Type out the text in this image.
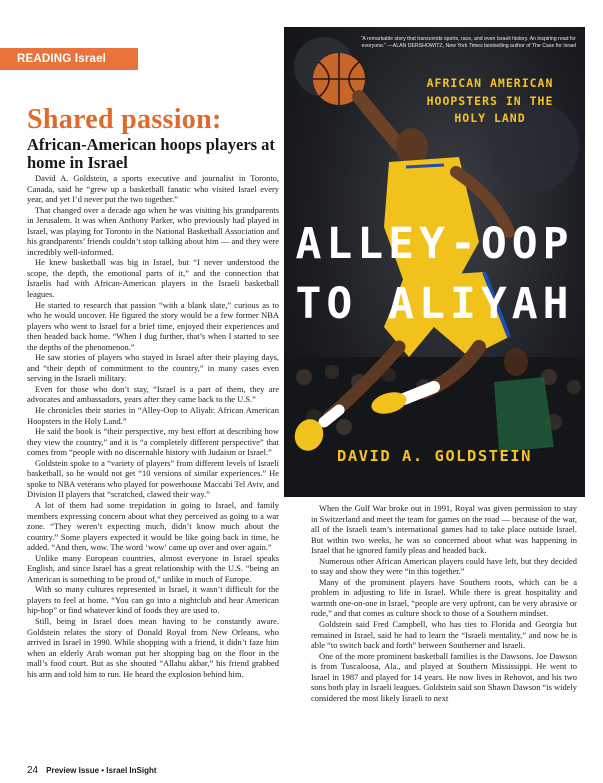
READING Israel
Shared passion:
African-American hoops players at home in Israel

David A. Goldstein, a sports executive and journalist in Toronto, Canada, said he “grew up a basketball fanatic who visited Israel every year, and yet I’d never put the two together.”

That changed over a decade ago when he was visiting his grandparents in Jerusalem. It was when Anthony Parker, who previously had played in Israel, was playing for Toronto in the National Basketball Association and his grandparents’ friends couldn’t stop talking about him — and they were incredibly well-informed.

He knew basketball was big in Israel, but “I never understood the scope, the depth, the emotional parts of it,” and the connection that Israelis had with African-American players in the Israeli basketball leagues.

He started to research that passion “with a blank slate,” curious as to who he would uncover. He figured the story would be a few former NBA players who went to Israel for a brief time, enjoyed their experiences and then headed back home. “When I dug further, that’s when I started to see the depths of the phenomenon.”

He saw stories of players who stayed in Israel after their playing days, and “their depth of commitment to the country,” in many cases even serving in the Israeli military.

Even for those who don’t stay, “Israel is a part of them, they are advocates and ambassadors, years after they came back to the U.S.”

He chronicles their stories in “Alley-Oop to Aliyah: African American Hoopsters in the Holy Land.”

He said the book is “their perspective, my best effort at describing how they view the country,” and it is “a completely different perspective” that comes from “people with no discernable history with Judaism or Israel.”

Goldstein spoke to a “variety of players” from different levels of Israeli basketball, so he would not get “10 versions of similar experiences.” He spoke to NBA veterans who played for powerhouse Maccabi Tel Aviv, and Division II players that “scratched, clawed their way.”

A lot of them had some trepidation in going to Israel, and family members expressing concern about what they perceived as going to a war zone. “They weren’t expecting much, didn’t know much about the country.” Some players expected it would be like going back in time, he added. “And then, wow. The word ‘wow’ came up over and over again.”

Unlike many European countries, almost everyone in Israel speaks English, and since Israel has a great relationship with the U.S. “being an American is something to be proud of,” unlike in much of Europe.

With so many cultures represented in Israel, it wasn’t difficult for the players to feel at home. “You can go into a nightclub and hear American hip-hop” or find whatever kind of foods they are used to.

Still, being in Israel does mean having to be constantly aware. Goldstein relates the story of Donald Royal from New Orleans, who arrived in Israel in 1990. While shopping with a friend, it didn’t faze him when an elderly Arab woman put her shopping bag on the floor in the mall’s food court. But as she shouted “Allahu akbar,” his friend grabbed his arm and told him to run. He heard the explosion behind him.

“A remarkable story that transcends sports, race, and even Israeli history. An inspiring read for everyone.” —ALAN DERSHOWITZ, New York Times bestselling author of The Case for Israel
AFRICAN AMERICAN
HOOPSTERS IN THE
HOLY LAND
ALLEY-OOP
TO ALIYAH
DAVID A. GOLDSTEIN

When the Gulf War broke out in 1991, Royal was given permission to stay in Switzerland and meet the team for games on the road — because of the war, all of the Israeli team’s international games had to take place outside Israel. But within two weeks, he was so concerned about what was happening in Israel that he ignored family pleas and headed back.

Numerous other African American players could have left, but they decided to stay and show they were “in this together.”

Many of the prominent players have Southern roots, which can be a problem in adjusting to life in Israel. While there is great hospitality and warmth one-on-one in Israel, “people are very upfront, can be very abrasive or rude,” and that comes as culture shock to those of a Southern mindset.

Goldstein said Fred Campbell, who has ties to Florida and Georgia but remained in Israel, said he had to learn the “Israeli mentality,” and now he is able “to switch back and forth” between Southerner and Israeli.

One of the more prominent basketball families is the Dawsons. Joe Dawson is from Tuscaloosa, Ala., and played at Southern Mississippi. He went to Israel in 1987 and played for 14 years. He now lives in Rehovot, and his two sons both play in Israeli leagues. Goldstein said son Shawn Dawson “is widely considered the most likely Israeli to next

24 Preview Issue • Israel InSight
